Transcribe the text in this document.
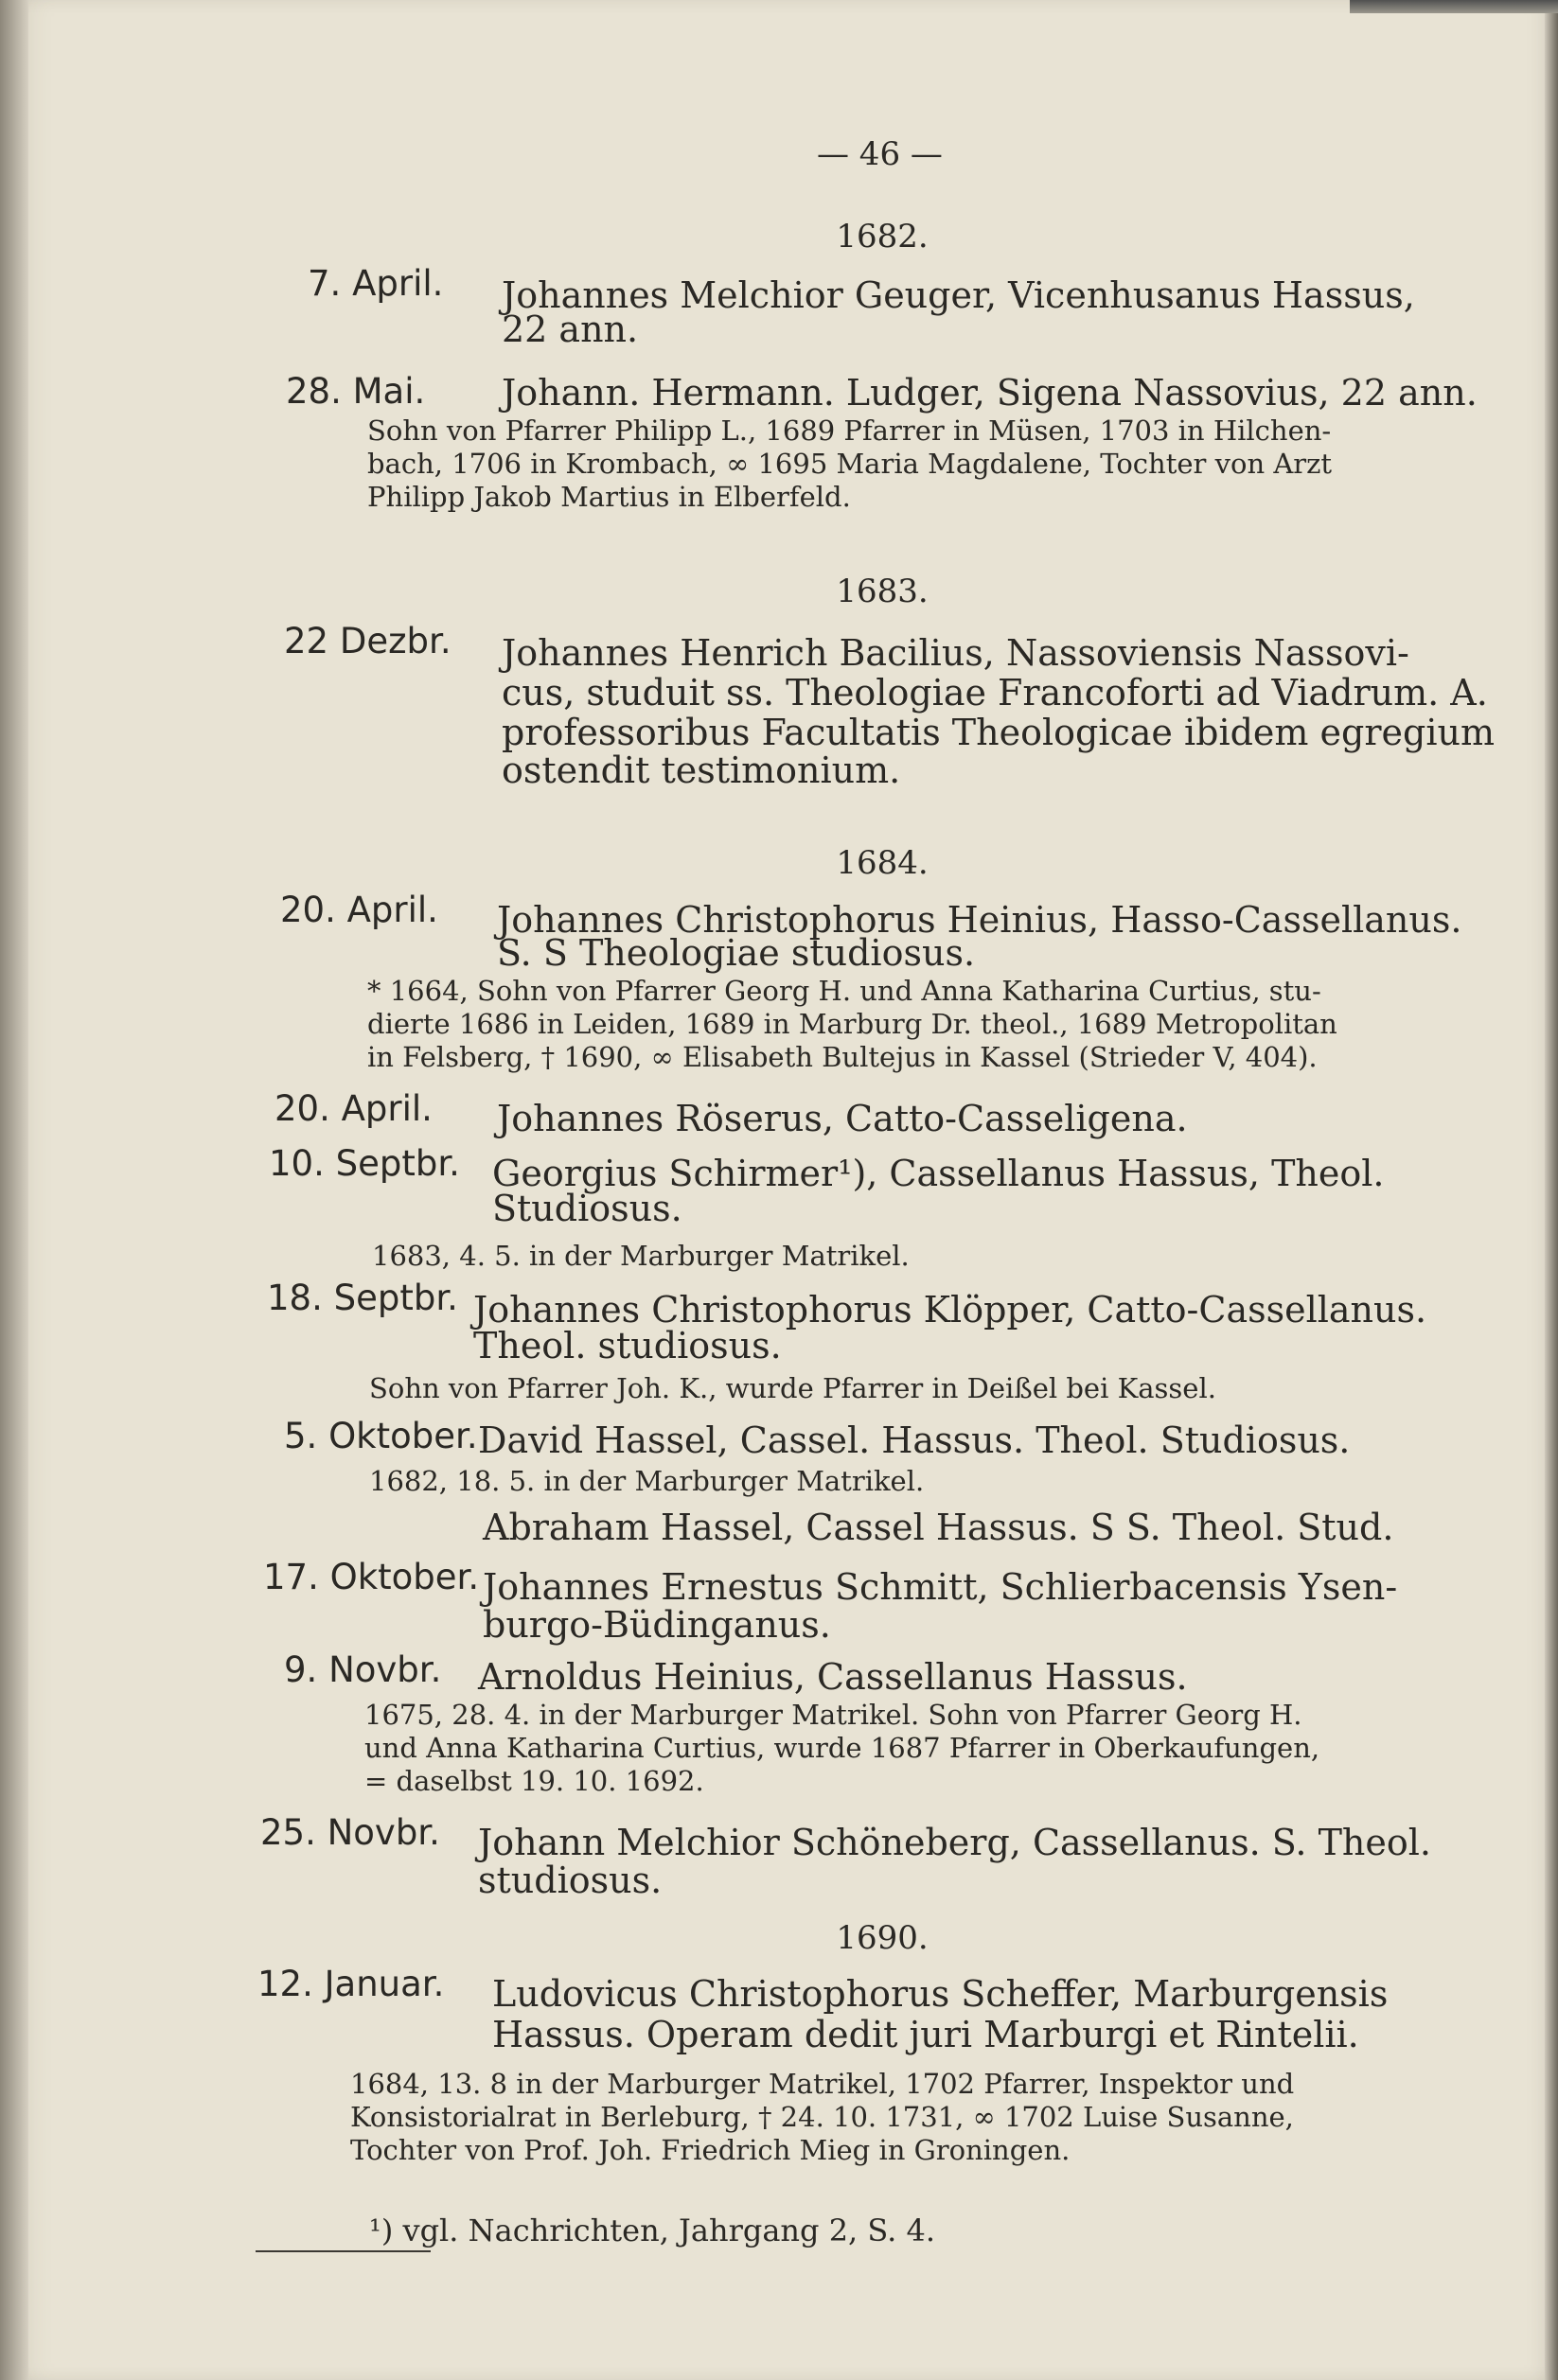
— 46 —
1682.
7. April. Johannes Melchior Geuger, Vicenhusanus Hassus,
22 ann.
28. Mai. Johann. Hermann. Ludger, Sigena Nassovius, 22 ann.
Sohn von Pfarrer Philipp L., 1689 Pfarrer in Müsen, 1703 in Hilchen-
bach, 1706 in Krombach, ∞ 1695 Maria Magdalene, Tochter von Arzt
Philipp Jakob Martius in Elberfeld.
1683.
22 Dezbr. Johannes Henrich Bacilius, Nassoviensis Nassovi-
cus, studuit ss. Theologiae Francoforti ad Viadrum. A.
professoribus Facultatis Theologicae ibidem egregium
ostendit testimonium.
1684.
20. April. Johannes Christophorus Heinius, Hasso-Cassellanus.
S. S Theologiae studiosus.
* 1664, Sohn von Pfarrer Georg H. und Anna Katharina Curtius, stu-
dierte 1686 in Leiden, 1689 in Marburg Dr. theol., 1689 Metropolitan
in Felsberg, † 1690, ∞ Elisabeth Bultejus in Kassel (Strieder V, 404).
20. April. Johannes Röserus, Catto-Casseligena.
10. Septbr. Georgius Schirmer¹), Cassellanus Hassus, Theol.
Studiosus.
1683, 4. 5. in der Marburger Matrikel.
18. Septbr. Johannes Christophorus Klöpper, Catto-Cassellanus.
Theol. studiosus.
Sohn von Pfarrer Joh. K., wurde Pfarrer in Deißel bei Kassel.
5. Oktober. David Hassel, Cassel. Hassus. Theol. Studiosus.
1682, 18. 5. in der Marburger Matrikel.
Abraham Hassel, Cassel Hassus. S S. Theol. Stud.
17. Oktober. Johannes Ernestus Schmitt, Schlierbacensis Ysen-
burgo-Büdinganus.
9. Novbr. Arnoldus Heinius, Cassellanus Hassus.
1675, 28. 4. in der Marburger Matrikel. Sohn von Pfarrer Georg H.
und Anna Katharina Curtius, wurde 1687 Pfarrer in Oberkaufungen,
= daselbst 19. 10. 1692.
25. Novbr. Johann Melchior Schöneberg, Cassellanus. S. Theol.
studiosus.
1690.
12. Januar. Ludovicus Christophorus Scheffer, Marburgensis
Hassus. Operam dedit juri Marburgi et Rintelii.
1684, 13. 8 in der Marburger Matrikel, 1702 Pfarrer, Inspektor und
Konsistorialrat in Berleburg, † 24. 10. 1731, ∞ 1702 Luise Susanne,
Tochter von Prof. Joh. Friedrich Mieg in Groningen.
¹) vgl. Nachrichten, Jahrgang 2, S. 4.
